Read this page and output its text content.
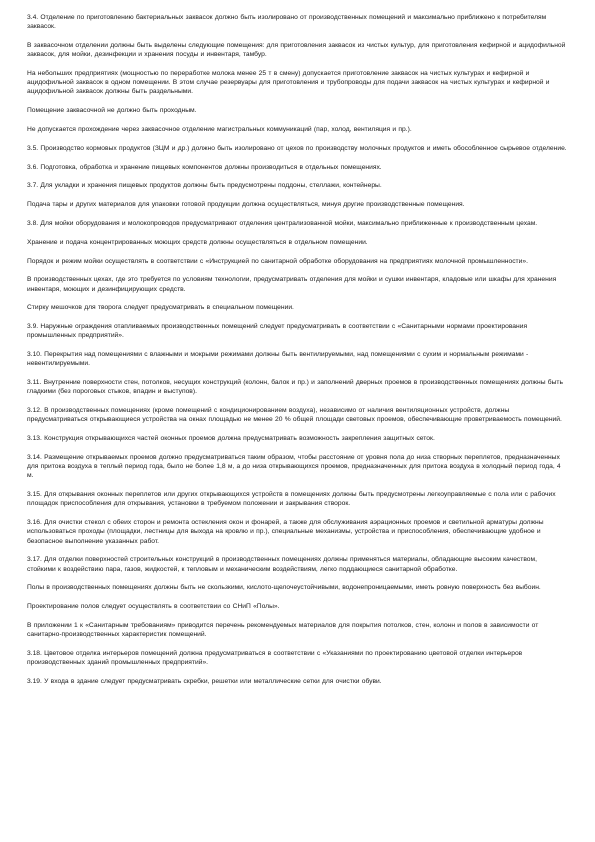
3.4. Отделение по приготовлению бактериальных заквасок должно быть изолировано от производственных помещений и максимально приближено к потребителям заквасок.

В заквасочном отделении должны быть выделены следующие помещения: для приготовления заквасок из чистых культур, для приготовления кефирной и ацидофильной заквасок, для мойки, дезинфекции и хранения посуды и инвентаря, тамбур.

На небольших предприятиях (мощностью по переработке молока менее 25 т в смену) допускается приготовление заквасок на чистых культурах и кефирной и ацидофильной заквасок в одном помещении. В этом случае резервуары для приготовления и трубопроводы для подачи заквасок на чистых культурах и кефирной и ацидофильной заквасок должны быть раздельными.

Помещение заквасочной не должно быть проходным.

Не допускается прохождение через заквасочное отделение магистральных коммуникаций (пар, холод, вентиляция и пр.).

3.5. Производство кормовых продуктов (ЗЦМ и др.) должно быть изолировано от цехов по производству молочных продуктов и иметь обособленное сырьевое отделение.

3.6. Подготовка, обработка и хранение пищевых компонентов должны производиться в отдельных помещениях.

3.7. Для укладки и хранения пищевых продуктов должны быть предусмотрены поддоны, стеллажи, контейнеры.

Подача тары и других материалов для упаковки готовой продукции должна осуществляться, минуя другие производственные помещения.

3.8. Для мойки оборудования и молокопроводов предусматривают отделения централизованной мойки, максимально приближенные к производственным цехам.

Хранение и подача концентрированных моющих средств должны осуществляться в отдельном помещении.

Порядок и режим мойки осуществлять в соответствии с «Инструкцией по санитарной обработке оборудования на предприятиях молочной промышленности».

В производственных цехах, где это требуется по условиям технологии, предусматривать отделения для мойки и сушки инвентаря, кладовые или шкафы для хранения инвентаря, моющих и дезинфицирующих средств.

Стирку мешочков для творога следует предусматривать в специальном помещении.

3.9. Наружные ограждения отапливаемых производственных помещений следует предусматривать в соответствии с «Санитарными нормами проектирования промышленных предприятий».

3.10. Перекрытия над помещениями с влажными и мокрыми режимами должны быть вентилируемыми, над помещениями с сухим и нормальным режимами - невентилируемыми.

3.11. Внутренние поверхности стен, потолков, несущих конструкций (колонн, балок и пр.) и заполнений дверных проемов в производственных помещениях должны быть гладкими (без пороговых стыков, впадин и выступов).

3.12. В производственных помещениях (кроме помещений с кондиционированием воздуха), независимо от наличия вентиляционных устройств, должны предусматриваться открывающиеся устройства на окнах площадью не менее 20 % общей площади световых проемов, обеспечивающие проветриваемость помещений.

3.13. Конструкция открывающихся частей оконных проемов должна предусматривать возможность закрепления защитных сеток.

3.14. Размещение открываемых проемов должно предусматриваться таким образом, чтобы расстояние от уровня пола до низа створных переплетов, предназначенных для притока воздуха в теплый период года, было не более 1,8 м, а до низа открывающихся проемов, предназначенных для притока воздуха в холодный период года, 4 м.

3.15. Для открывания оконных переплетов или других открывающихся устройств в помещениях должны быть предусмотрены легкоуправляемые с пола или с рабочих площадок приспособления для открывания, установки в требуемом положении и закрывания створок.

3.16. Для очистки стекол с обеих сторон и ремонта остекления окон и фонарей, а также для обслуживания аэрационных проемов и светильной арматуры должны использоваться проходы (площадки, лестницы для выхода на кровлю и пр.), специальные механизмы, устройства и приспособления, обеспечивающие удобное и безопасное выполнение указанных работ.

3.17. Для отделки поверхностей строительных конструкций в производственных помещениях должны применяться материалы, обладающие высоким качеством, стойкими к воздействию пара, газов, жидкостей, к тепловым и механическим воздействиям, легко поддающиеся санитарной обработке.

Полы в производственных помещениях должны быть не скользкими, кислото-щелочеустойчивыми, водонепроницаемыми, иметь ровную поверхность без выбоин.

Проектирование полов следует осуществлять в соответствии со СНиП «Полы».

В приложении 1 к «Санитарным требованиям» приводится перечень рекомендуемых материалов для покрытия потолков, стен, колонн и полов в зависимости от санитарно-производственных характеристик помещений.

3.18. Цветовое отделка интерьеров помещений должна предусматриваться в соответствии с «Указаниями по проектированию цветовой отделки интерьеров производственных зданий промышленных предприятий».

3.19. У входа в здание следует предусматривать скребки, решетки или металлические сетки для очистки обуви.
